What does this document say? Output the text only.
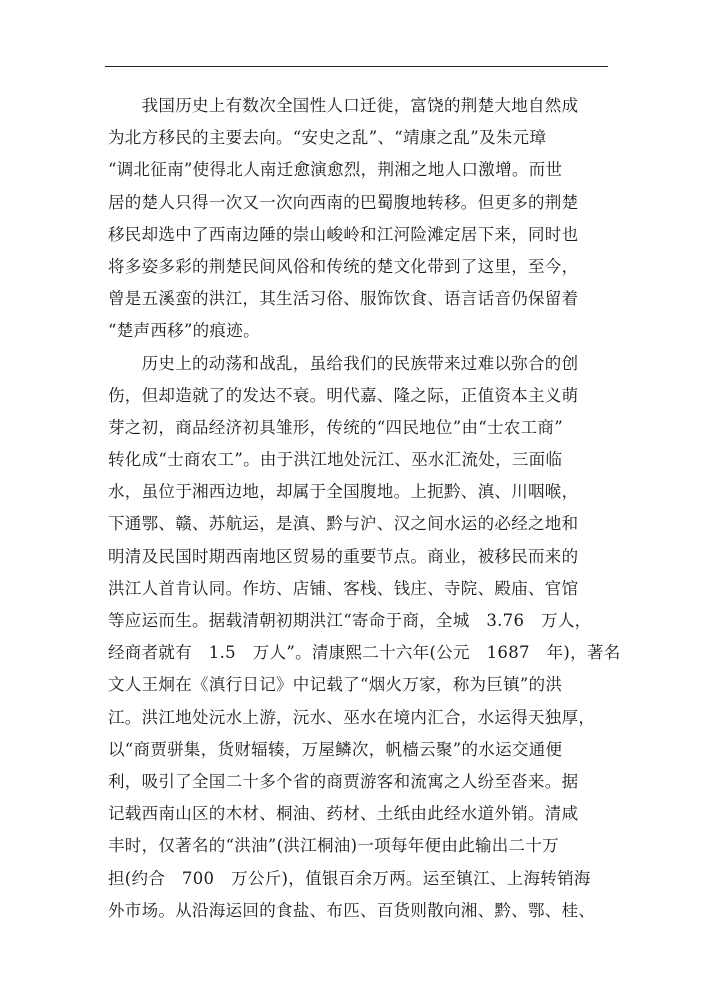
　　我国历史上有数次全国性人口迁徙，富饶的荆楚大地自然成
为北方移民的主要去向。“安史之乱”、“靖康之乱”及朱元璋
“调北征南”使得北人南迁愈演愈烈，荆湘之地人口激增。而世
居的楚人只得一次又一次向西南的巴蜀腹地转移。但更多的荆楚
移民却选中了西南边陲的崇山峻岭和江河险滩定居下来，同时也
将多姿多彩的荆楚民间风俗和传统的楚文化带到了这里，至今，
曾是五溪蛮的洪江，其生活习俗、服饰饮食、语言话音仍保留着
“楚声西移”的痕迹。
　　历史上的动荡和战乱，虽给我们的民族带来过难以弥合的创
伤，但却造就了的发达不衰。明代嘉、隆之际，正值资本主义萌
芽之初，商品经济初具雏形，传统的“四民地位”由“士农工商”
转化成“士商农工”。由于洪江地处沅江、巫水汇流处，三面临
水，虽位于湘西边地，却属于全国腹地。上扼黔、滇、川咽喉，
下通鄂、赣、苏航运，是滇、黔与沪、汉之间水运的必经之地和
明清及民国时期西南地区贸易的重要节点。商业，被移民而来的
洪江人首肯认同。作坊、店铺、客栈、钱庄、寺院、殿庙、官馆
等应运而生。据载清朝初期洪江“寄命于商，全城　3.76　万人，
经商者就有　1.5　万人”。清康熙二十六年(公元　1687　年)，著名
文人王炯在《滇行日记》中记载了“烟火万家，称为巨镇”的洪
江。洪江地处沅水上游，沅水、巫水在境内汇合，水运得天独厚，
以“商贾骈集，货财辐辏，万屋鳞次，帆樯云聚”的水运交通便
利，吸引了全国二十多个省的商贾游客和流寓之人纷至沓来。据
记载西南山区的木材、桐油、药材、土纸由此经水道外销。清咸
丰时，仅著名的“洪油”(洪江桐油)一项每年便由此输出二十万
担(约合　700　万公斤)，值银百余万两。运至镇江、上海转销海
外市场。从沿海运回的食盐、布匹、百货则散向湘、黔、鄂、桂、
